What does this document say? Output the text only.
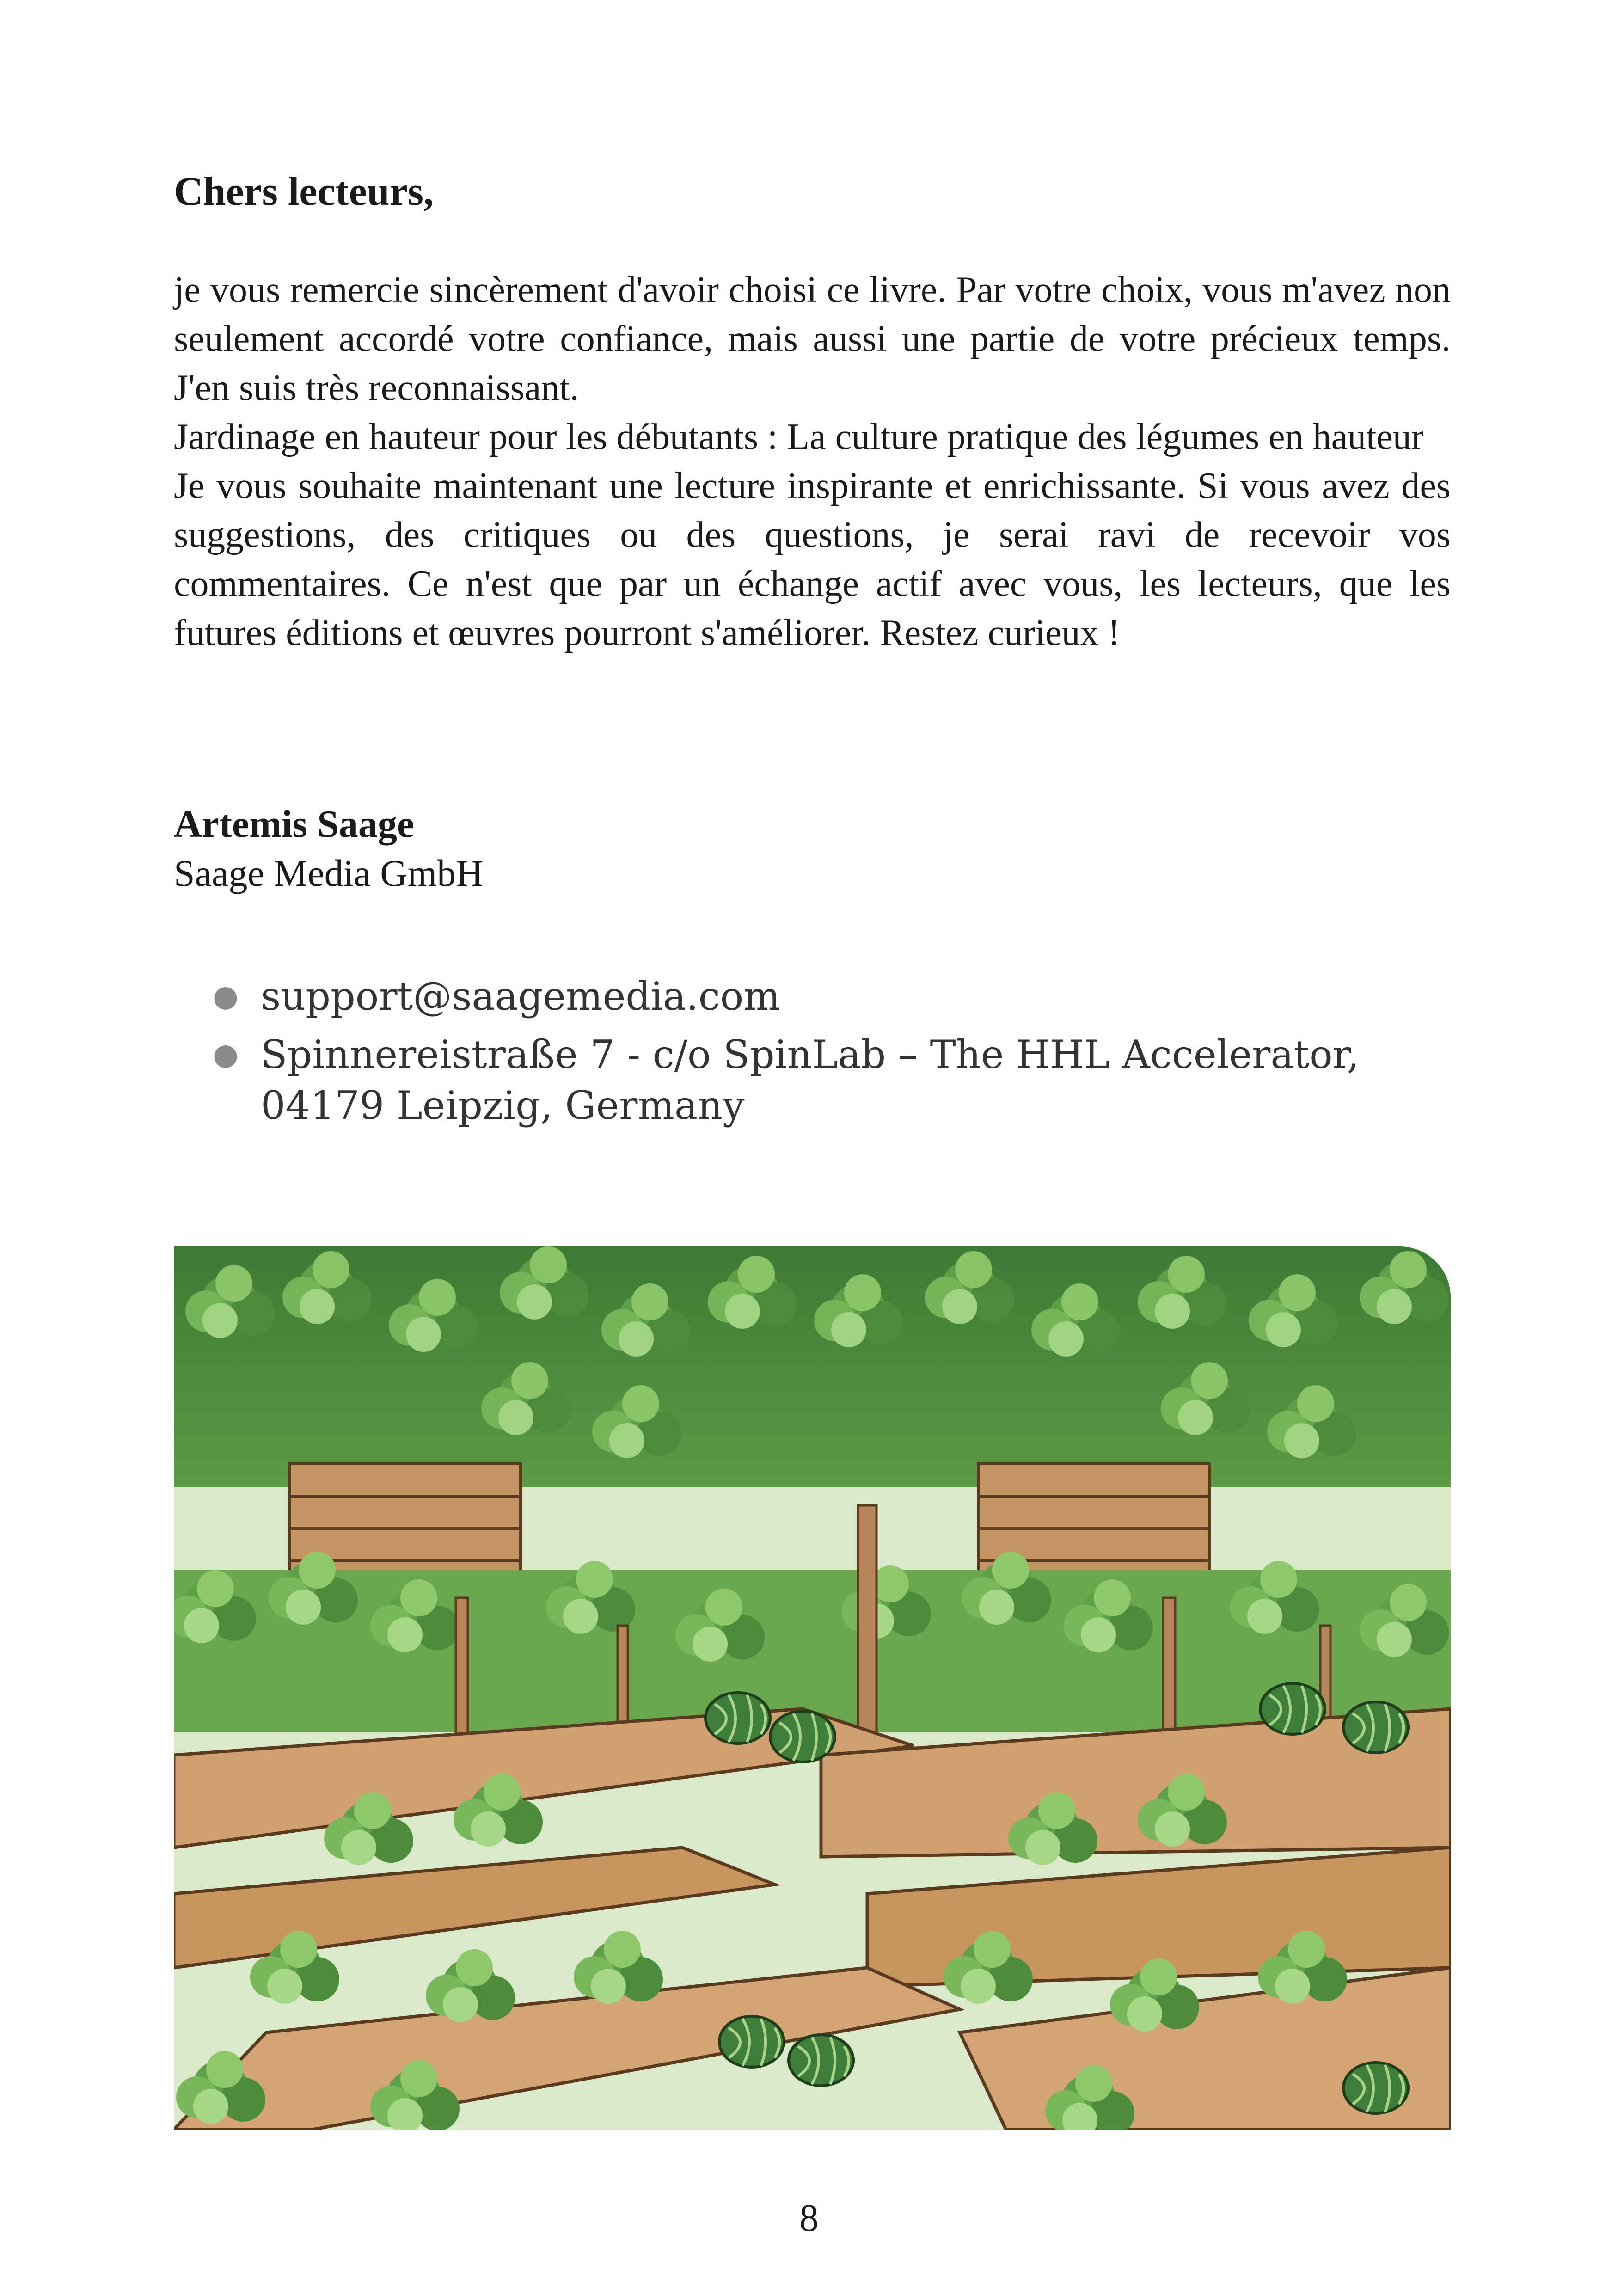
Chers lecteurs,

je vous remercie sincèrement d'avoir choisi ce livre. Par votre choix, vous m'avez non seulement accordé votre confiance, mais aussi une partie de votre précieux temps. J'en suis très reconnaissant.

Jardinage en hauteur pour les débutants : La culture pratique des légumes en hauteur

Je vous souhaite maintenant une lecture inspirante et enrichissante. Si vous avez des suggestions, des critiques ou des questions, je serai ravi de recevoir vos commentaires. Ce n'est que par un échange actif avec vous, les lecteurs, que les futures éditions et œuvres pourront s'améliorer. Restez curieux !

Artemis Saage
Saage Media GmbH
● support@saagemedia.com
● Spinnereistraße 7 - c/o SpinLab – The HHL Accelerator,
04179 Leipzig, Germany
8
